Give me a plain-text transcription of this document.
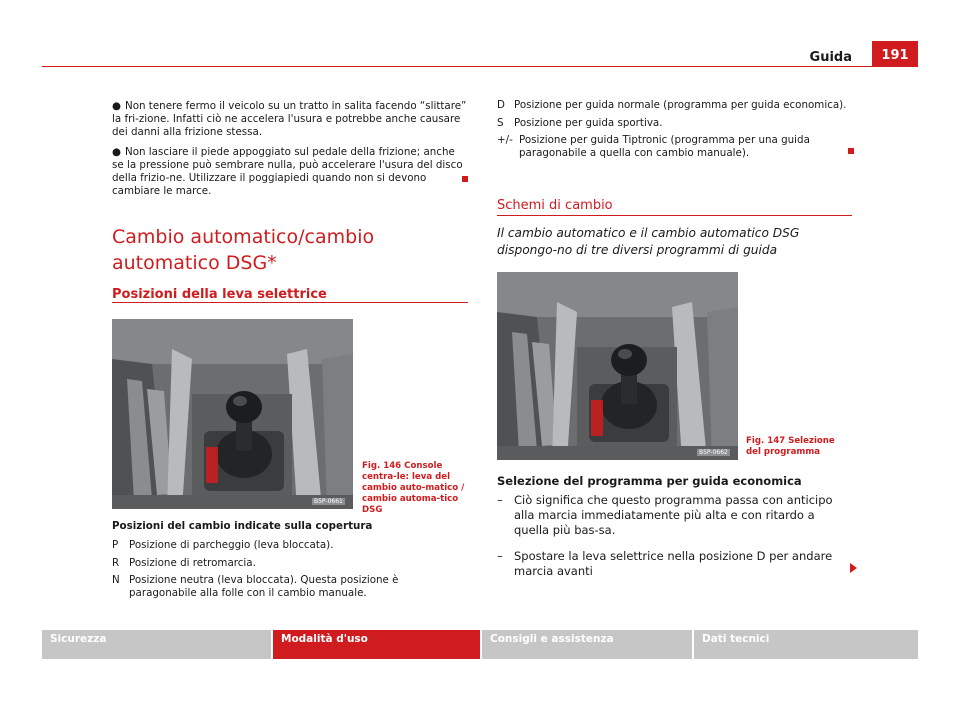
Guida	191
● Non tenere fermo il veicolo su un tratto in salita facendo “slittare” la fri-zione. Infatti ciò ne accelera l'usura e potrebbe anche causare dei danni alla frizione stessa.
● Non lasciare il piede appoggiato sul pedale della frizione; anche se la pressione può sembrare nulla, può accelerare l'usura del disco della frizio-ne. Utilizzare il poggiapiedi quando non si devono cambiare le marce.
Cambio automatico/cambio automatico DSG*
Posizioni della leva selettrice
B5P-0661
Fig. 146 Console centra-le: leva del cambio auto-matico / cambio automa-tico DSG
Posizioni del cambio indicate sulla copertura
P Posizione di parcheggio (leva bloccata).
R Posizione di retromarcia.
N Posizione neutra (leva bloccata). Questa posizione è paragonabile alla folle con il cambio manuale.
D Posizione per guida normale (programma per guida economica).
S Posizione per guida sportiva.
+/- Posizione per guida Tiptronic (programma per una guida paragonabile a quella con cambio manuale).
Schemi di cambio
Il cambio automatico e il cambio automatico DSG dispongo-no di tre diversi programmi di guida
B5P-0662
Fig. 147 Selezione del programma
Selezione del programma per guida economica
– Ciò significa che questo programma passa con anticipo alla marcia immediatamente più alta e con ritardo a quella più bas-sa.
– Spostare la leva selettrice nella posizione D per andare marcia avanti
Sicurezza	Modalità d'uso	Consigli e assistenza	Dati tecnici
